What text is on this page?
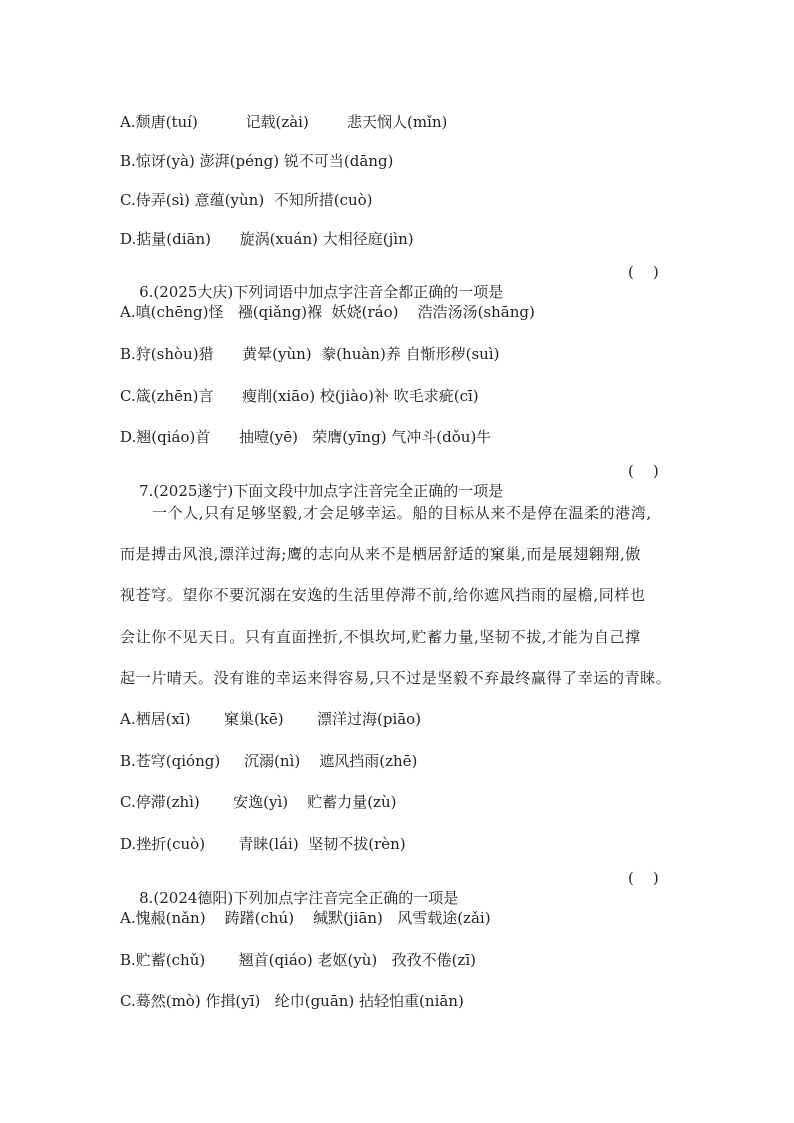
A.颓唐(tuí)          记载(zài)        悲天悯人(mǐn)
B.惊讶(yà) 澎湃(péng) 锐不可当(dāng)
C.侍弄(sì) 意蕴(yùn)  不知所措(cuò)
D.掂量(diān)      旋涡(xuán) 大相径庭(jìn)

6.(2025大庆)下列词语中加点字注音全都正确的一项是

(    )

A.嗔(chēng)怪   襁(qiǎng)褓  妖娆(ráo)    浩浩汤汤(shāng)
B.狩(shòu)猎      黄晕(yùn)  豢(huàn)养 自惭形秽(suì)
C.箴(zhēn)言      瘦削(xiāo) 校(jiào)补 吹毛求疵(cī)
D.翘(qiáo)首      抽噎(yē)   荣膺(yīng) 气冲斗(dǒu)牛

7.(2025遂宁)下面文段中加点字注音完全正确的一项是

(    )

一个人,只有足够坚毅,才会足够幸运。船的目标从来不是停在温柔的港湾,
而是搏击风浪,漂洋过海;鹰的志向从来不是栖居舒适的窠巢,而是展翅翱翔,傲
视苍穹。望你不要沉溺在安逸的生活里停滞不前,给你遮风挡雨的屋檐,同样也
会让你不见天日。只有直面挫折,不惧坎坷,贮蓄力量,坚韧不拔,才能为自己撑
起一片晴天。没有谁的幸运来得容易,只不过是坚毅不弃最终赢得了幸运的青睐。
A.栖居(xī)       窠巢(kē)       漂洋过海(piāo)
B.苍穹(qióng)     沉溺(nì)    遮风挡雨(zhē)
C.停滞(zhì)       安逸(yì)    贮蓄力量(zù)
D.挫折(cuò)       青睐(lái)  坚韧不拔(rèn)

8.(2024德阳)下列加点字注音完全正确的一项是

(    )

A.愧赧(nǎn)    踌躇(chú)    缄默(jiān)   风雪载途(zǎi)
B.贮蓄(chǔ)       翘首(qiáo) 老妪(yù)   孜孜不倦(zī)
C.蓦然(mò) 作揖(yī)   纶巾(guān) 拈轻怕重(niān)
